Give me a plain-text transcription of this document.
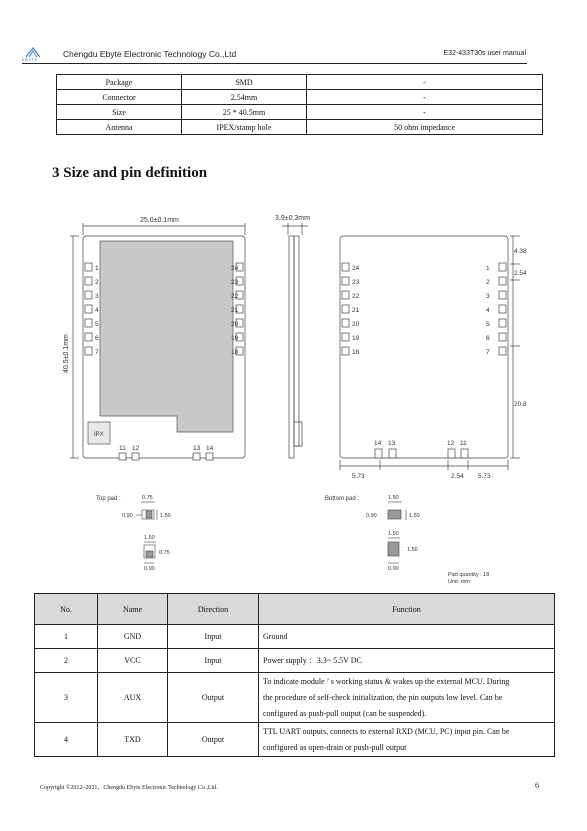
EBYTE
Chengdu Ebyte Electronic Technology Co.,Ltd	E32-433T30s user manual
Package	SMD	-
Connector	2.54mm	-
Size	25 * 40.5mm	-
Antenna	IPEX/stamp hole	50 ohm impedance
3 Size and pin definition
IPX
25.0±0.1mm	3.9±0.3mm
40.5±0.1mm
1
2
3
4
5
6
7
24
23
22
21
20
19
18
11 12	13 14
24
23
22
21
20
19
18
1
2
3
4
5
6
7
14 13	12 11
4.38
2.54
20.8
5.73	2.54 5.73
Top pad :	0.75
0.90	1.50
1.50
0.75
0.90
Bottom pad :	1.50
0.90	1.50
1.50
1.50
0.90
Pad quantity : 18
Unit: mm
No.	Name	Direction	Function
1	GND	Input	Ground

2	VCC	Input	Power supply ：3.3~ 5.5V DC

3	AUX	Output	To indicate module ’ s working status & wakes up the external MCU. During
the procedure of self-check initialization, the pin outputs low level. Can be
configured as push-pull output (can be suspended).

4	TXD	Output	TTL UART outputs, connects to external RXD (MCU, PC) input pin. Can be
configured as open-drain or push-pull output
Copyright ©2012–2021，Chengdu Ebyte Electronic Technology Co.,Ltd.	6
